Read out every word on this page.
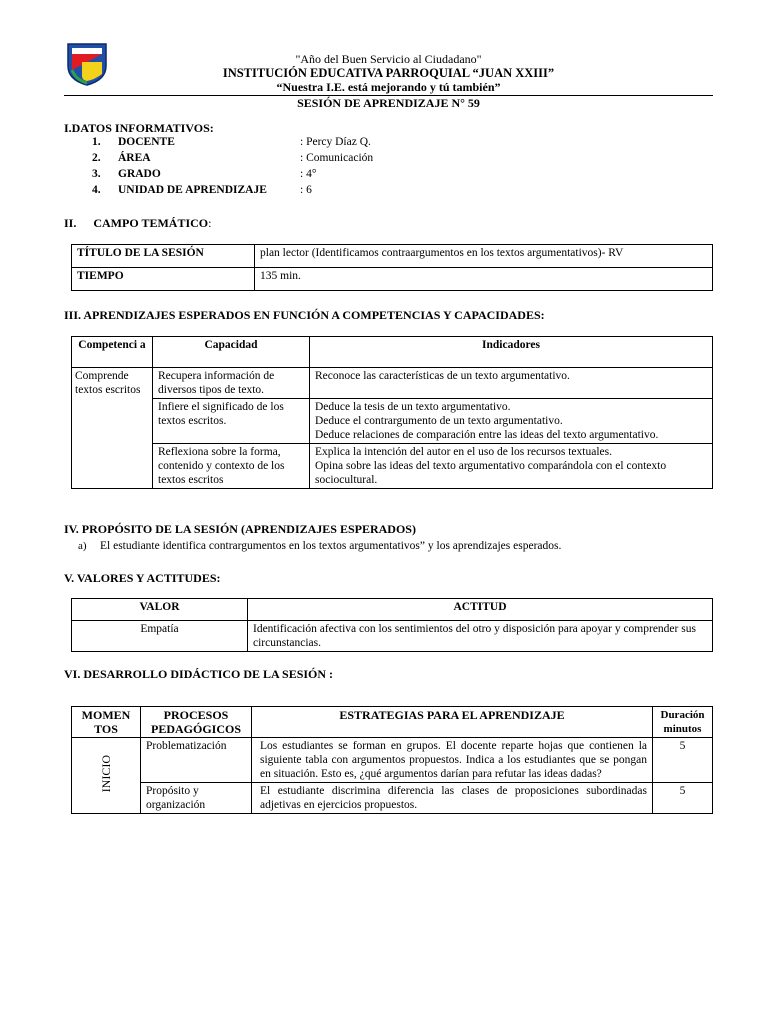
"Año del Buen Servicio al Ciudadano"
INSTITUCIÓN EDUCATIVA PARROQUIAL “JUAN XXIII”
“Nuestra I.E. está mejorando y tú también”
SESIÓN DE APRENDIZAJE N° 59
I.DATOS INFORMATIVOS:
1. DOCENTE	: Percy Díaz Q.
2. ÁREA	: Comunicación
3. GRADO	: 4°
4. UNIDAD DE APRENDIZAJE	: 6
II. CAMPO TEMÁTICO:
TÍTULO DE LA SESIÓN	plan lector (Identificamos contraargumentos en los textos argumentativos)- RV
TIEMPO	135 min.
III. APRENDIZAJES ESPERADOS EN FUNCIÓN A COMPETENCIAS Y CAPACIDADES:
Competenci a	Capacidad	Indicadores
Comprende textos escritos	Recupera información de diversos tipos de texto.	Reconoce las características de un texto argumentativo.

	Infiere el significado de los textos escritos.	Deduce la tesis de un texto argumentativo.
Deduce el contrargumento de un texto argumentativo.
Deduce relaciones de comparación entre las ideas del texto argumentativo.

	Reflexiona sobre la forma, contenido y contexto de los textos escritos	Explica la intención del autor en el uso de los recursos textuales.
Opina sobre las ideas del texto argumentativo comparándola con el contexto sociocultural.
IV. PROPÓSITO DE LA SESIÓN (APRENDIZAJES ESPERADOS)
a) El estudiante identifica contrargumentos en los textos argumentativos” y los aprendizajes esperados.
V. VALORES Y ACTITUDES:
VALOR	ACTITUD
Empatía	Identificación afectiva con los sentimientos del otro y disposición para apoyar y comprender sus circunstancias.
VI. DESARROLLO DIDÁCTICO DE LA SESIÓN :
MOMEN TOS	PROCESOS PEDAGÓGICOS	ESTRATEGIAS PARA EL APRENDIZAJE	Duración minutos
INICIO	Problematización	Los estudiantes se forman en grupos. El docente reparte hojas que contienen la siguiente tabla con argumentos propuestos. Indica a los estudiantes que se pongan en situación. Esto es, ¿qué argumentos darían para refutar las ideas dadas?	5
	Propósito y organización	El estudiante discrimina diferencia las clases de proposiciones subordinadas adjetivas en ejercicios propuestos.	5
